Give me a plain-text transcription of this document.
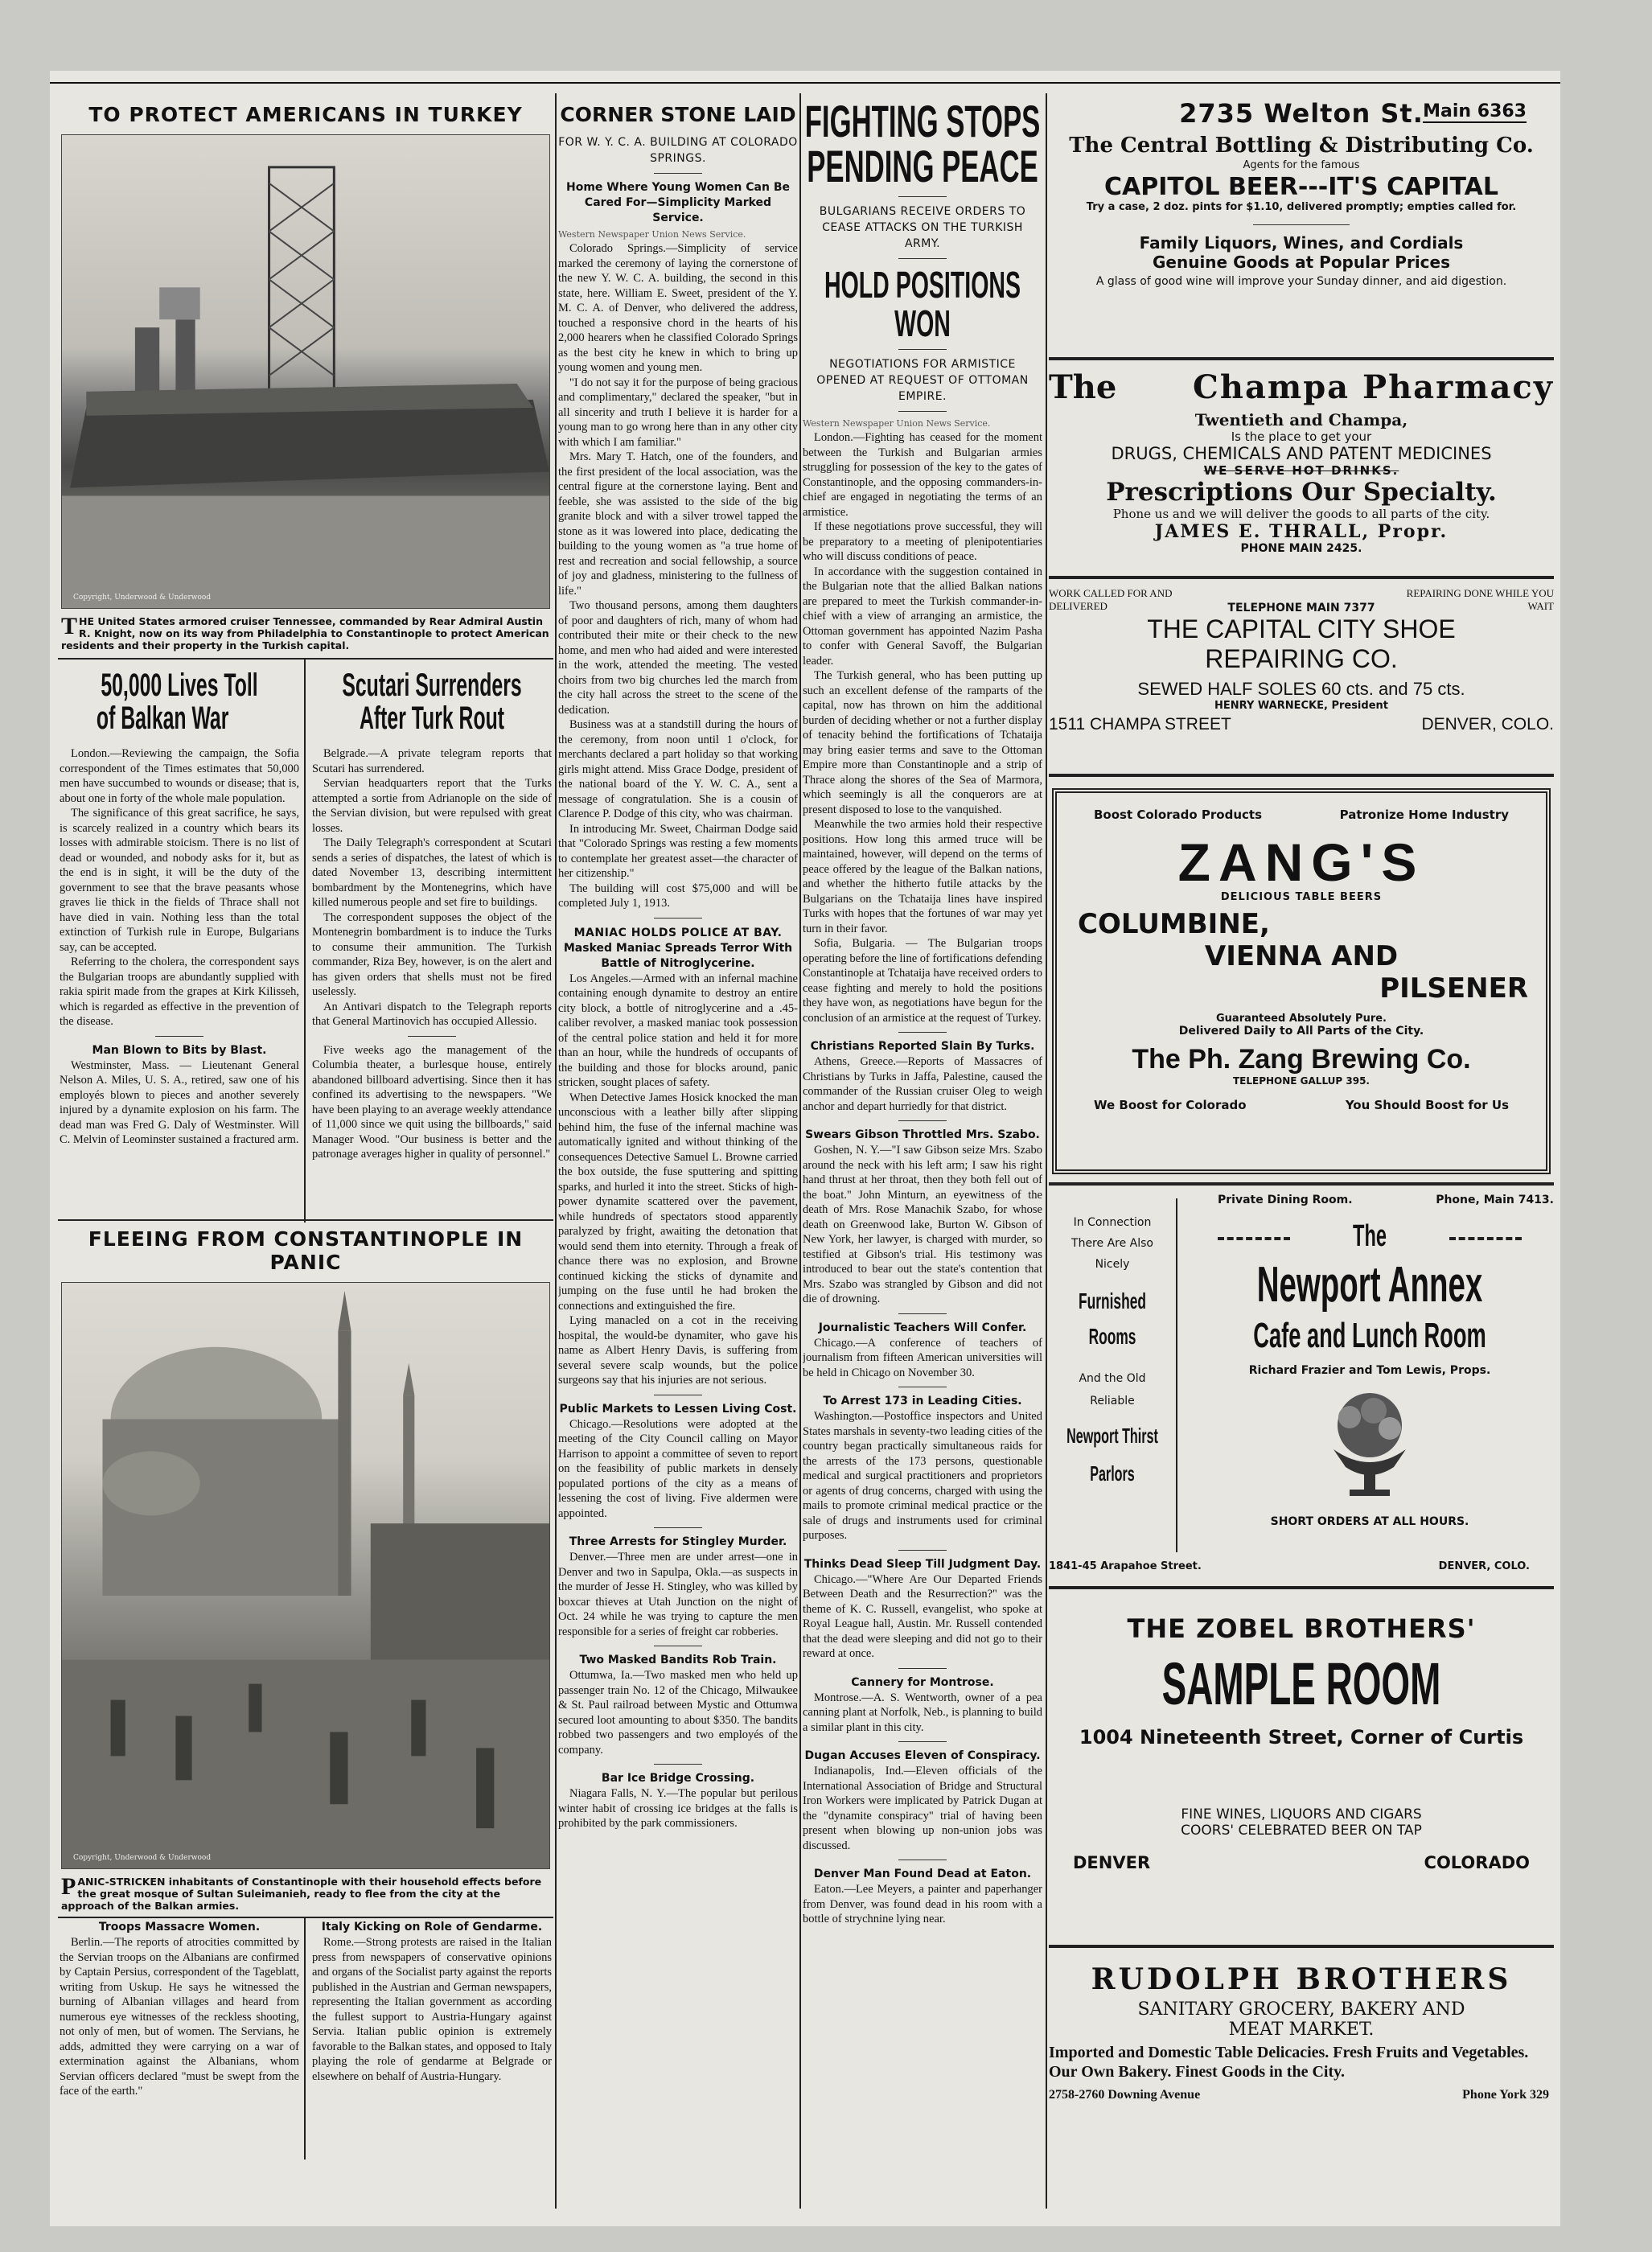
TO PROTECT AMERICANS IN TURKEY
Copyright, Underwood & Underwood
THE United States armored cruiser Tennessee, commanded by Rear Admiral Austin R. Knight, now on its way from Philadelphia to Constantinople to protect American residents and their property in the Turkish capital.
50,000 Lives Toll
of Balkan War

London.—Reviewing the campaign, the Sofia correspondent of the Times estimates that 50,000 men have succumbed to wounds or disease; that is, about one in forty of the whole male population.

The significance of this great sacrifice, he says, is scarcely realized in a country which bears its losses with admirable stoicism. There is no list of dead or wounded, and nobody asks for it, but as the end is in sight, it will be the duty of the government to see that the brave peasants whose graves lie thick in the fields of Thrace shall not have died in vain. Nothing less than the total extinction of Turkish rule in Europe, Bulgarians say, can be accepted.

Referring to the cholera, the correspondent says the Bulgarian troops are abundantly supplied with rakia spirit made from the grapes at Kirk Kilisseh, which is regarded as effective in the prevention of the disease.

Man Blown to Bits by Blast.

Westminster, Mass. — Lieutenant General Nelson A. Miles, U. S. A., retired, saw one of his employés blown to pieces and another severely injured by a dynamite explosion on his farm. The dead man was Fred G. Daly of Westminster. Will C. Melvin of Leominster sustained a fractured arm.

Scutari Surrenders
After Turk Rout

Belgrade.—A private telegram reports that Scutari has surrendered.

Servian headquarters report that the Turks attempted a sortie from Adrianople on the side of the Servian division, but were repulsed with great losses.

The Daily Telegraph's correspondent at Scutari sends a series of dispatches, the latest of which is dated November 13, describing intermittent bombardment by the Montenegrins, which have killed numerous people and set fire to buildings.

The correspondent supposes the object of the Montenegrin bombardment is to induce the Turks to consume their ammunition. The Turkish commander, Riza Bey, however, is on the alert and has given orders that shells must not be fired uselessly.

An Antivari dispatch to the Telegraph reports that General Martinovich has occupied Allessio.

Five weeks ago the management of the Columbia theater, a burlesque house, entirely abandoned billboard advertising. Since then it has confined its advertising to the newspapers. "We have been playing to an average weekly attendance of 11,000 since we quit using the billboards," said Manager Wood. "Our business is better and the patronage averages higher in quality of personnel."

FLEEING FROM CONSTANTINOPLE IN PANIC
Copyright, Underwood & Underwood
PANIC-STRICKEN inhabitants of Constantinople with their household effects before the great mosque of Sultan Suleimanieh, ready to flee from the city at the approach of the Balkan armies.
Troops Massacre Women.

Berlin.—The reports of atrocities committed by the Servian troops on the Albanians are confirmed by Captain Persius, correspondent of the Tageblatt, writing from Uskup. He says he witnessed the burning of Albanian villages and heard from numerous eye witnesses of the reckless shooting, not only of men, but of women. The Servians, he adds, admitted they were carrying on a war of extermination against the Albanians, whom Servian officers declared "must be swept from the face of the earth."

Italy Kicking on Role of Gendarme.

Rome.—Strong protests are raised in the Italian press from newspapers of conservative opinions and organs of the Socialist party against the reports published in the Austrian and German newspapers, representing the Italian government as according the fullest support to Austria-Hungary against Servia. Italian public opinion is extremely favorable to the Balkan states, and opposed to Italy playing the role of gendarme at Belgrade or elsewhere on behalf of Austria-Hungary.

CORNER STONE LAID
FOR W. Y. C. A. BUILDING AT COLORADO SPRINGS.
Home Where Young Women Can Be Cared For—Simplicity Marked Service.
Western Newspaper Union News Service.

Colorado Springs.—Simplicity of service marked the ceremony of laying the cornerstone of the new Y. W. C. A. building, the second in this state, here. William E. Sweet, president of the Y. M. C. A. of Denver, who delivered the address, touched a responsive chord in the hearts of his 2,000 hearers when he classified Colorado Springs as the best city he knew in which to bring up young women and young men.

"I do not say it for the purpose of being gracious and complimentary," declared the speaker, "but in all sincerity and truth I believe it is harder for a young man to go wrong here than in any other city with which I am familiar."

Mrs. Mary T. Hatch, one of the founders, and the first president of the local association, was the central figure at the cornerstone laying. Bent and feeble, she was assisted to the side of the big granite block and with a silver trowel tapped the stone as it was lowered into place, dedicating the building to the young women as "a true home of rest and recreation and social fellowship, a source of joy and gladness, ministering to the fullness of life."

Two thousand persons, among them daughters of poor and daughters of rich, many of whom had contributed their mite or their check to the new home, and men who had aided and were interested in the work, attended the meeting. The vested choirs from two big churches led the march from the city hall across the street to the scene of the dedication.

Business was at a standstill during the hours of the ceremony, from noon until 1 o'clock, for merchants declared a part holiday so that working girls might attend. Miss Grace Dodge, president of the national board of the Y. W. C. A., sent a message of congratulation. She is a cousin of Clarence P. Dodge of this city, who was chairman.

In introducing Mr. Sweet, Chairman Dodge said that "Colorado Springs was resting a few moments to contemplate her greatest asset—the character of her citizenship."

The building will cost $75,000 and will be completed July 1, 1913.

MANIAC HOLDS POLICE AT BAY.
Masked Maniac Spreads Terror With Battle of Nitroglycerine.

Los Angeles.—Armed with an infernal machine containing enough dynamite to destroy an entire city block, a bottle of nitroglycerine and a .45-caliber revolver, a masked maniac took possession of the central police station and held it for more than an hour, while the hundreds of occupants of the building and those for blocks around, panic stricken, sought places of safety.

When Detective James Hosick knocked the man unconscious with a leather billy after slipping behind him, the fuse of the infernal machine was automatically ignited and without thinking of the consequences Detective Samuel L. Browne carried the box outside, the fuse sputtering and spitting sparks, and hurled it into the street. Sticks of high-power dynamite scattered over the pavement, while hundreds of spectators stood apparently paralyzed by fright, awaiting the detonation that would send them into eternity. Through a freak of chance there was no explosion, and Browne continued kicking the sticks of dynamite and jumping on the fuse until he had broken the connections and extinguished the fire.

Lying manacled on a cot in the receiving hospital, the would-be dynamiter, who gave his name as Albert Henry Davis, is suffering from several severe scalp wounds, but the police surgeons say that his injuries are not serious.

Public Markets to Lessen Living Cost.

Chicago.—Resolutions were adopted at the meeting of the City Council calling on Mayor Harrison to appoint a committee of seven to report on the feasibility of public markets in densely populated portions of the city as a means of lessening the cost of living. Five aldermen were appointed.

Three Arrests for Stingley Murder.

Denver.—Three men are under arrest—one in Denver and two in Sapulpa, Okla.—as suspects in the murder of Jesse H. Stingley, who was killed by boxcar thieves at Utah Junction on the night of Oct. 24 while he was trying to capture the men responsible for a series of freight car robberies.

Two Masked Bandits Rob Train.

Ottumwa, Ia.—Two masked men who held up passenger train No. 12 of the Chicago, Milwaukee & St. Paul railroad between Mystic and Ottumwa secured loot amounting to about $350. The bandits robbed two passengers and two employés of the company.

Bar Ice Bridge Crossing.

Niagara Falls, N. Y.—The popular but perilous winter habit of crossing ice bridges at the falls is prohibited by the park commissioners.

FIGHTING STOPS
PENDING PEACE
BULGARIANS RECEIVE ORDERS TO CEASE ATTACKS ON THE TURKISH ARMY.
HOLD POSITIONS WON
NEGOTIATIONS FOR ARMISTICE OPENED AT REQUEST OF OTTOMAN EMPIRE.
Western Newspaper Union News Service.

London.—Fighting has ceased for the moment between the Turkish and Bulgarian armies struggling for possession of the key to the gates of Constantinople, and the opposing commanders-in-chief are engaged in negotiating the terms of an armistice.

If these negotiations prove successful, they will be preparatory to a meeting of plenipotentiaries who will discuss conditions of peace.

In accordance with the suggestion contained in the Bulgarian note that the allied Balkan nations are prepared to meet the Turkish commander-in-chief with a view of arranging an armistice, the Ottoman government has appointed Nazim Pasha to confer with General Savoff, the Bulgarian leader.

The Turkish general, who has been putting up such an excellent defense of the ramparts of the capital, now has thrown on him the additional burden of deciding whether or not a further display of tenacity behind the fortifications of Tchataija may bring easier terms and save to the Ottoman Empire more than Constantinople and a strip of Thrace along the shores of the Sea of Marmora, which seemingly is all the conquerors are at present disposed to lose to the vanquished.

Meanwhile the two armies hold their respective positions. How long this armed truce will be maintained, however, will depend on the terms of peace offered by the league of the Balkan nations, and whether the hitherto futile attacks by the Bulgarians on the Tchataija lines have inspired Turks with hopes that the fortunes of war may yet turn in their favor.

Sofia, Bulgaria. — The Bulgarian troops operating before the line of fortifications defending Constantinople at Tchataija have received orders to cease fighting and merely to hold the positions they have won, as negotiations have begun for the conclusion of an armistice at the request of Turkey.

Christians Reported Slain By Turks.

Athens, Greece.—Reports of Massacres of Christians by Turks in Jaffa, Palestine, caused the commander of the Russian cruiser Oleg to weigh anchor and depart hurriedly for that district.

Swears Gibson Throttled Mrs. Szabo.

Goshen, N. Y.—"I saw Gibson seize Mrs. Szabo around the neck with his left arm; I saw his right hand thrust at her throat, then they both fell out of the boat." John Minturn, an eyewitness of the death of Mrs. Rose Manachik Szabo, for whose death on Greenwood lake, Burton W. Gibson of New York, her lawyer, is charged with murder, so testified at Gibson's trial. His testimony was introduced to bear out the state's contention that Mrs. Szabo was strangled by Gibson and did not die of drowning.

Journalistic Teachers Will Confer.

Chicago.—A conference of teachers of journalism from fifteen American universities will be held in Chicago on November 30.

To Arrest 173 in Leading Cities.

Washington.—Postoffice inspectors and United States marshals in seventy-two leading cities of the country began practically simultaneous raids for the arrests of the 173 persons, questionable medical and surgical practitioners and proprietors or agents of drug concerns, charged with using the mails to promote criminal medical practice or the sale of drugs and instruments used for criminal purposes.

Thinks Dead Sleep Till Judgment Day.

Chicago.—"Where Are Our Departed Friends Between Death and the Resurrection?" was the theme of K. C. Russell, evangelist, who spoke at Royal League hall, Austin. Mr. Russell contended that the dead were sleeping and did not go to their reward at once.

Cannery for Montrose.

Montrose.—A. S. Wentworth, owner of a pea canning plant at Norfolk, Neb., is planning to build a similar plant in this city.

Dugan Accuses Eleven of Conspiracy.

Indianapolis, Ind.—Eleven officials of the International Association of Bridge and Structural Iron Workers were implicated by Patrick Dugan at the "dynamite conspiracy" trial of having been present when blowing up non-union jobs was discussed.

Denver Man Found Dead at Eaton.

Eaton.—Lee Meyers, a painter and paperhanger from Denver, was found dead in his room with a bottle of strychnine lying near.

2735 Welton St. Main 6363
The Central Bottling & Distributing Co.
Agents for the famous
CAPITOL BEER---IT'S CAPITAL
Try a case, 2 doz. pints for $1.10, delivered promptly; empties called for.
Family Liquors, Wines, and Cordials
Genuine Goods at Popular Prices
A glass of good wine will improve your Sunday dinner, and aid digestion.
The Champa Pharmacy
Twentieth and Champa,
Is the place to get your
DRUGS, CHEMICALS AND PATENT MEDICINES
WE SERVE HOT DRINKS.
Prescriptions Our Specialty.
Phone us and we will deliver the goods to all parts of the city.
JAMES E. THRALL, Propr.
PHONE MAIN 2425.
WORK CALLED FOR AND DELIVERED
REPAIRING DONE WHILE YOU WAIT
TELEPHONE MAIN 7377
THE CAPITAL CITY SHOE
REPAIRING CO.
SEWED HALF SOLES 60 cts. and 75 cts.
HENRY WARNECKE, President
1511 CHAMPA STREET	DENVER, COLO.
Boost Colorado Products	Patronize Home Industry
ZANG'S
DELICIOUS TABLE BEERS
COLUMBINE,
VIENNA AND
PILSENER
Guaranteed Absolutely Pure.
Delivered Daily to All Parts of the City.
The Ph. Zang Brewing Co.
TELEPHONE GALLUP 395.
We Boost for Colorado	You Should Boost for Us
In Connection
There Are Also
Nicely
Furnished
Rooms
And the Old
Reliable
Newport Thirst
Parlors
Private Dining Room.	Phone, Main 7413.
The
Newport Annex
Cafe and Lunch Room
Richard Frazier and Tom Lewis, Props.
SHORT ORDERS AT ALL HOURS.
1841-45 Arapahoe Street.	DENVER, COLO.
THE ZOBEL BROTHERS'
SAMPLE ROOM
1004 Nineteenth Street, Corner of Curtis
FINE WINES, LIQUORS AND CIGARS
COORS' CELEBRATED BEER ON TAP
DENVER	COLORADO
RUDOLPH BROTHERS
SANITARY GROCERY, BAKERY AND
MEAT MARKET.
Imported and Domestic Table Delicacies. Fresh Fruits and Vegetables. Our Own Bakery. Finest Goods in the City.
2758-2760 Downing Avenue	Phone York 329
